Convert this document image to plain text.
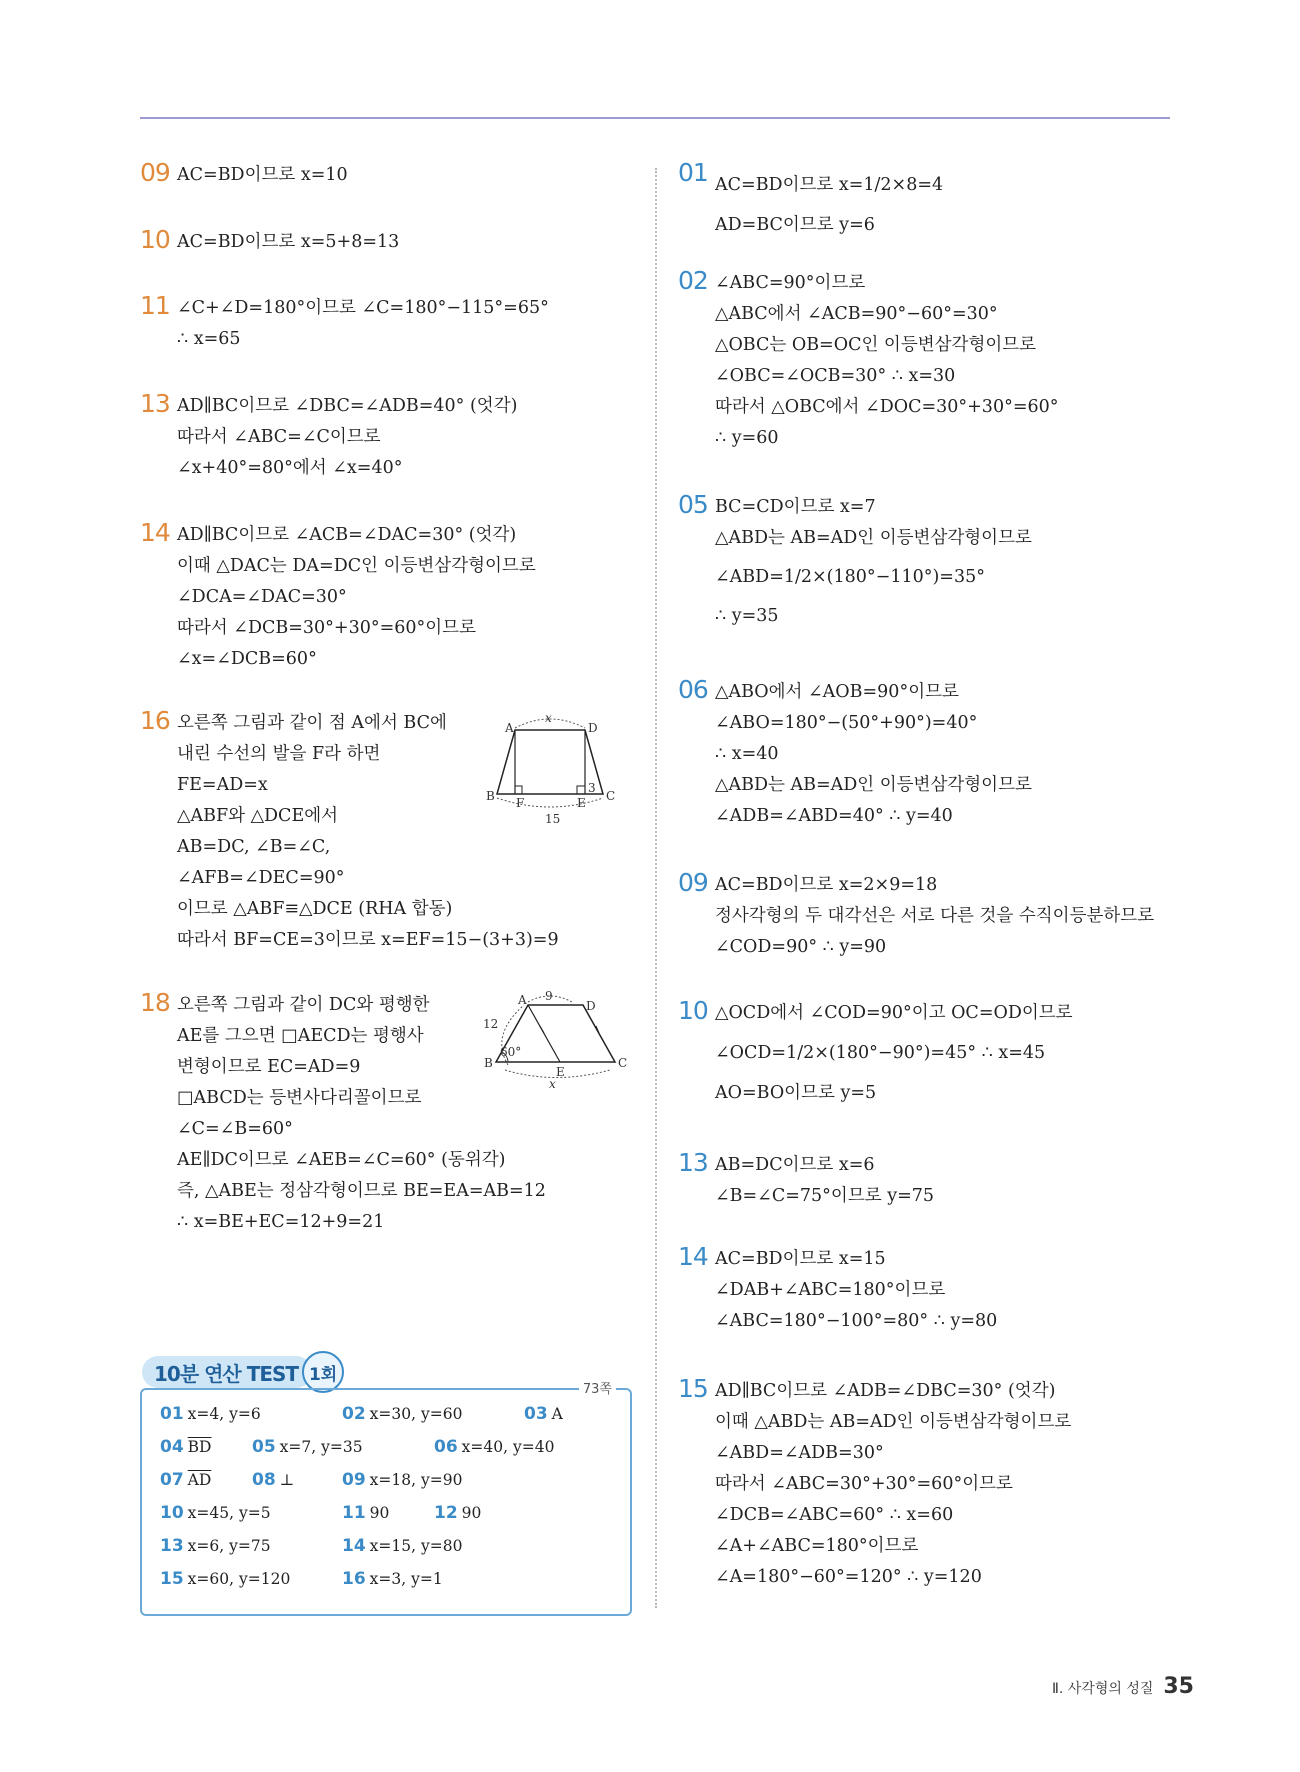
09 AC=BD이므로 x=10
10 AC=BD이므로 x=5+8=13
11 ∠C+∠D=180°이므로 ∠C=180°−115°=65°
∴ x=65
13 AD∥BC이므로 ∠DBC=∠ADB=40° (엇각)
따라서 ∠ABC=∠C이므로
∠x+40°=80°에서 ∠x=40°
14 AD∥BC이므로 ∠ACB=∠DAC=30° (엇각)
이때 △DAC는 DA=DC인 이등변삼각형이므로
∠DCA=∠DAC=30°
따라서 ∠DCB=30°+30°=60°이므로
∠x=∠DCB=60°
16 오른쪽 그림과 같이 점 A에서 BC에
내린 수선의 발을 F라 하면
FE=AD=x
△ABF와 △DCE에서
AB=DC, ∠B=∠C,
∠AFB=∠DEC=90°
이므로 △ABF≡△DCE (RHA 합동)
따라서 BF=CE=3이므로 x=EF=15−(3+3)=9
x
A	D
B	C
F	E
3
15
18 오른쪽 그림과 같이 DC와 평행한
AE를 그으면 □AECD는 평행사
변형이므로 EC=AD=9
□ABCD는 등변사다리꼴이므로
∠C=∠B=60°
AE∥DC이므로 ∠AEB=∠C=60° (동위각)
즉, △ABE는 정삼각형이므로 BE=EA=AB=12
∴ x=BE+EC=12+9=21
9
A	D
12
60°
B	C
E
x
10분 연산 TEST 1회
73쪽
01 x=4, y=6	02 x=30, y=60	03 A
04 $\overline{BD}$ 05 x=7, y=35	06 x=40, y=40
07 $\overline{AD}$ 08 ⊥	09 x=18, y=90
10 x=45, y=5	11 90	12 90
13 x=6, y=75	14 x=15, y=80
15 x=60, y=120	16 x=3, y=1
01 AC=BD이므로 x=1/2×8=4
AD=BC이므로 y=6
02 ∠ABC=90°이므로
△ABC에서 ∠ACB=90°−60°=30°
△OBC는 OB=OC인 이등변삼각형이므로
∠OBC=∠OCB=30° ∴ x=30
따라서 △OBC에서 ∠DOC=30°+30°=60°
∴ y=60
05 BC=CD이므로 x=7
△ABD는 AB=AD인 이등변삼각형이므로
∠ABD=1/2×(180°−110°)=35°
∴ y=35
06 △ABO에서 ∠AOB=90°이므로
∠ABO=180°−(50°+90°)=40°
∴ x=40
△ABD는 AB=AD인 이등변삼각형이므로
∠ADB=∠ABD=40° ∴ y=40
09 AC=BD이므로 x=2×9=18
정사각형의 두 대각선은 서로 다른 것을 수직이등분하므로
∠COD=90° ∴ y=90
10 △OCD에서 ∠COD=90°이고 OC=OD이므로
∠OCD=1/2×(180°−90°)=45° ∴ x=45
AO=BO이므로 y=5
13 AB=DC이므로 x=6
∠B=∠C=75°이므로 y=75
14 AC=BD이므로 x=15
∠DAB+∠ABC=180°이므로
∠ABC=180°−100°=80° ∴ y=80
15 AD∥BC이므로 ∠ADB=∠DBC=30° (엇각)
이때 △ABD는 AB=AD인 이등변삼각형이므로
∠ABD=∠ADB=30°
따라서 ∠ABC=30°+30°=60°이므로
∠DCB=∠ABC=60° ∴ x=60
∠A+∠ABC=180°이므로
∠A=180°−60°=120° ∴ y=120
Ⅱ. 사각형의 성질 35
